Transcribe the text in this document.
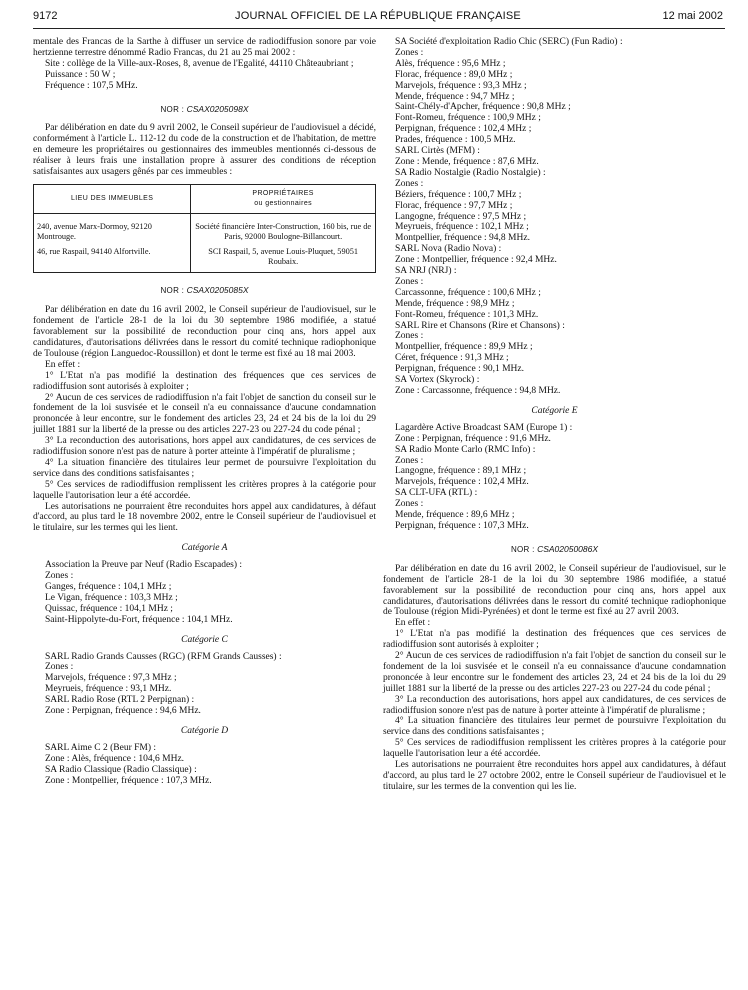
9172	JOURNAL OFFICIEL DE LA RÉPUBLIQUE FRANÇAISE	12 mai 2002

mentale des Francas de la Sarthe à diffuser un service de radiodiffusion sonore par voie hertzienne terrestre dénommé Radio Francas, du 21 au 25 mai 2002 :

Site : collège de la Ville-aux-Roses, 8, avenue de l'Egalité, 44110 Châteaubriant ;

Puissance : 50 W ;

Fréquence : 107,5 MHz.

NOR : CSAX0205098X

Par délibération en date du 9 avril 2002, le Conseil supérieur de l'audiovisuel a décidé, conformément à l'article L. 112-12 du code de la construction et de l'habitation, de mettre en demeure les propriétaires ou gestionnaires des immeubles mentionnés ci-dessous de réaliser à leurs frais une installation propre à assurer des conditions de réception satisfaisantes aux usagers gênés par ces immeubles :

LIEU DES IMMEUBLES	PROPRIÉTAIRES
ou gestionnaires
240, avenue Marx-Dormoy, 92120 Montrouge.	Société financière Inter-Construction, 160 bis, rue de Paris, 92000 Boulogne-Billancourt.
46, rue Raspail, 94140 Alfortville.	SCI Raspail, 5, avenue Louis-Pluquet, 59051 Roubaix.

NOR : CSAX0205085X

Par délibération en date du 16 avril 2002, le Conseil supérieur de l'audiovisuel, sur le fondement de l'article 28-1 de la loi du 30 septembre 1986 modifiée, a statué favorablement sur la possibilité de reconduction pour cinq ans, hors appel aux candidatures, d'autorisations délivrées dans le ressort du comité technique radiophonique de Toulouse (région Languedoc-Roussillon) et dont le terme est fixé au 18 mai 2003.

En effet :

1° L'Etat n'a pas modifié la destination des fréquences que ces services de radiodiffusion sont autorisés à exploiter ;

2° Aucun de ces services de radiodiffusion n'a fait l'objet de sanction du conseil sur le fondement de la loi susvisée et le conseil n'a eu connaissance d'aucune condamnation prononcée à leur encontre, sur le fondement des articles 23, 24 et 24 bis de la loi du 29 juillet 1881 sur la liberté de la presse ou des articles 227-23 ou 227-24 du code pénal ;

3° La reconduction des autorisations, hors appel aux candidatures, de ces services de radiodiffusion sonore n'est pas de nature à porter atteinte à l'impératif de pluralisme ;

4° La situation financière des titulaires leur permet de poursuivre l'exploitation du service dans des conditions satisfaisantes ;

5° Ces services de radiodiffusion remplissent les critères propres à la catégorie pour laquelle l'autorisation leur a été accordée.

Les autorisations ne pourraient être reconduites hors appel aux candidatures, à défaut d'accord, au plus tard le 18 novembre 2002, entre le Conseil supérieur de l'audiovisuel et le titulaire, sur les termes qui les lient.

Catégorie A

Association la Preuve par Neuf (Radio Escapades) :

Zones :

Ganges, fréquence : 104,1 MHz ;

Le Vigan, fréquence : 103,3 MHz ;

Quissac, fréquence : 104,1 MHz ;

Saint-Hippolyte-du-Fort, fréquence : 104,1 MHz.

Catégorie C

SARL Radio Grands Causses (RGC) (RFM Grands Causses) :

Zones :

Marvejols, fréquence : 97,3 MHz ;

Meyrueis, fréquence : 93,1 MHz.

SARL Radio Rose (RTL 2 Perpignan) :

Zone : Perpignan, fréquence : 94,6 MHz.

Catégorie D

SARL Aime C 2 (Beur FM) :

Zone : Alès, fréquence : 104,6 MHz.

SA Radio Classique (Radio Classique) :

Zone : Montpellier, fréquence : 107,3 MHz.

SA Société d'exploitation Radio Chic (SERC) (Fun Radio) :

Zones :

Alès, fréquence : 95,6 MHz ;

Florac, fréquence : 89,0 MHz ;

Marvejols, fréquence : 93,3 MHz ;

Mende, fréquence : 94,7 MHz ;

Saint-Chély-d'Apcher, fréquence : 90,8 MHz ;

Font-Romeu, fréquence : 100,9 MHz ;

Perpignan, fréquence : 102,4 MHz ;

Prades, fréquence : 100,5 MHz.

SARL Cirtès (MFM) :

Zone : Mende, fréquence : 87,6 MHz.

SA Radio Nostalgie (Radio Nostalgie) :

Zones :

Béziers, fréquence : 100,7 MHz ;

Florac, fréquence : 97,7 MHz ;

Langogne, fréquence : 97,5 MHz ;

Meyrueis, fréquence : 102,1 MHz ;

Montpellier, fréquence : 94,8 MHz.

SARL Nova (Radio Nova) :

Zone : Montpellier, fréquence : 92,4 MHz.

SA NRJ (NRJ) :

Zones :

Carcassonne, fréquence : 100,6 MHz ;

Mende, fréquence : 98,9 MHz ;

Font-Romeu, fréquence : 101,3 MHz.

SARL Rire et Chansons (Rire et Chansons) :

Zones :

Montpellier, fréquence : 89,9 MHz ;

Céret, fréquence : 91,3 MHz ;

Perpignan, fréquence : 90,1 MHz.

SA Vortex (Skyrock) :

Zone : Carcassonne, fréquence : 94,8 MHz.

Catégorie E

Lagardère Active Broadcast SAM (Europe 1) :

Zone : Perpignan, fréquence : 91,6 MHz.

SA Radio Monte Carlo (RMC Info) :

Zones :

Langogne, fréquence : 89,1 MHz ;

Marvejols, fréquence : 102,4 MHz.

SA CLT-UFA (RTL) :

Zones :

Mende, fréquence : 89,6 MHz ;

Perpignan, fréquence : 107,3 MHz.

NOR : CSA02050086X

Par délibération en date du 16 avril 2002, le Conseil supérieur de l'audiovisuel, sur le fondement de l'article 28-1 de la loi du 30 septembre 1986 modifiée, a statué favorablement sur la possibilité de reconduction pour cinq ans, hors appel aux candidatures, d'autorisations délivrées dans le ressort du comité technique radiophonique de Toulouse (région Midi-Pyrénées) et dont le terme est fixé au 27 avril 2003.

En effet :

1° L'Etat n'a pas modifié la destination des fréquences que ces services de radiodiffusion sont autorisés à exploiter ;

2° Aucun de ces services de radiodiffusion n'a fait l'objet de sanction du conseil sur le fondement de la loi susvisée et le conseil n'a eu connaissance d'aucune condamnation prononcée à leur encontre sur le fondement des articles 23, 24 et 24 bis de la loi du 29 juillet 1881 sur la liberté de la presse ou des articles 227-23 ou 227-24 du code pénal ;

3° La reconduction des autorisations, hors appel aux candidatures, de ces services de radiodiffusion sonore n'est pas de nature à porter atteinte à l'impératif de pluralisme ;

4° La situation financière des titulaires leur permet de poursuivre l'exploitation du service dans des conditions satisfaisantes ;

5° Ces services de radiodiffusion remplissent les critères propres à la catégorie pour laquelle l'autorisation leur a été accordée.

Les autorisations ne pourraient être reconduites hors appel aux candidatures, à défaut d'accord, au plus tard le 27 octobre 2002, entre le Conseil supérieur de l'audiovisuel et le titulaire, sur les termes de la convention qui les lie.
